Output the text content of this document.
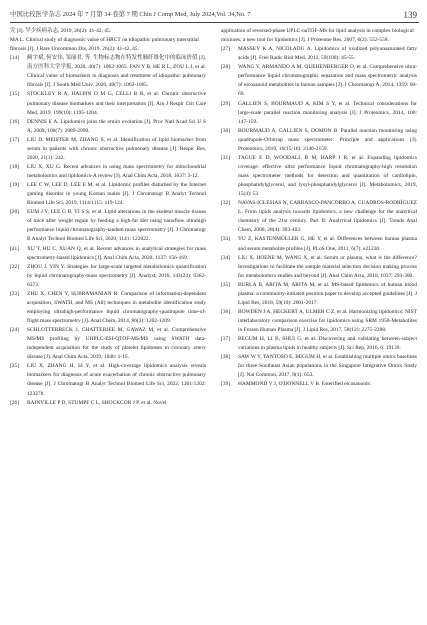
中国比较医学杂志 2024 年 7 月第 34 卷第 7 期 Chin J Comp Med, July 2024,Vol. 34,No. 7	139
究 [J]. 罕少疾病杂志, 2019, 26(2): 41-42, 45.
MA L. Clinical study of diagnostic value of HRCT on idiopathic pulmonary interstitial fibrosis [J]. J Rare Uncommon Dis, 2019, 26(2): 41-42, 45.
[14]	蔺宇斌, 何安伟, 邹丽君, 等. 生物标志物在特发性肺纤维化中的临床价值 [J]. 南方医科大学学报, 2020, 40(7): 1062-1065. FAN Y B, HE R L, ZOU L J, et al. Clinical value of biomarkers in diagnosis and treatment of idiopathic pulmonary fibrosis [J]. J South Med Univ, 2020, 40(7): 1062-1065.
[15]	STOCKLEY R A, HALPIN D M G, CELLI B R, et al. Chronic obstructive pulmonary disease biomarkers and their interpretation [J]. Am J Respir Crit Care Med, 2019, 199(10): 1195-1204.
[16]	DENNIS E A. Lipidomics joins the omics evolution [J]. Proc Natl Acad Sci U S A, 2009, 106(7): 2089-2090.
[17]	LIU D, MEISTER M, ZHANG S, et al. Identification of lipid biomarker from serum in patients with chronic obstructive pulmonary disease [J]. Respir Res, 2020, 21(1): 242.
[18]	LIU X, XU G. Recent advances in using mass spectrometry for mitochondrial metabolomics and lipidomics-A review [J]. Anal Chim Acta, 2018, 1037: 3-12.
[19]	LEE C W, LEE D, LEE E M, et al. Lipidomic profiles disturbed by the Internet gaming disorder in young Korean males [J]. J Chromatogr B Analyt Technol Biomed Life Sci, 2019, 1114/1115: 119-124.
[20]	EUM J Y, LEE G B, YI S S, et al. Lipid alterations in the skeletal muscle tissues of mice after weight regain by feeding a high-fat diet using nanoflow ultrahigh performance liquid chromatography-tandem mass spectrometry [J]. J Chromatogr B Analyt Technol Biomed Life Sci, 2020, 1141: 122022.
[21]	XU T, HU C, XUAN Q, et al. Recent advances in analytical strategies for mass spectrometry-based lipidomics [J]. Anal Chim Acta, 2020, 1137: 156-169.
[22]	ZHOU J, YIN Y. Strategies for large-scale targeted metabolomics quantification by liquid chromatography-mass spectrometry [J]. Analyst, 2016, 141(23): 6362-6373.
[23]	ZHU X, CHEN Y, SUBRAMANIAN R. Comparison of information-dependent acquisition, SWATH, and MS (All) techniques in metabolite identification study employing ultrahigh-performance liquid chromatography-quadrupole time-of-flight mass spectrometry [J]. Anal Chem, 2014, 86(2): 1202-1209.
[24]	SCHLOTTERBECK J, CHATTERJEE M, GAWAZ M, et al. Comprehensive MS/MS profiling by UHPLC-ESI-QTOF-MS/MS using SWATH data-independent acquisition for the study of platelet lipidomes in coronary artery disease [J]. Anal Chim Acta, 2019, 1046: 1-15.
[25]	LIU X, ZHANG H, SI Y, et al. High-coverage lipidomics analysis reveals biomarkers for diagnosis of acute exacerbation of chronic obstructive pulmonary disease [J]. J Chromatogr B Analyt Technol Biomed Life Sci, 2022, 1201/1202: 123278.
[26]	RAINVILLE P D, STUMPF C L, SHOCKCOR J P, et al. Novel
application of reversed-phase UPLC-oaTOF-MS for lipid analysis in complex biological mixtures; a new tool for lipidomics [J]. J Proteome Res, 2007, 6(2): 552-558.
[27]	MASSEY K A, NICOLAOU A. Lipidomics of oxidized polyunsaturated fatty acids [J]. Free Radic Biol Med, 2013, 59(100): 45-55.
[28]	WANG Y, ARMANDO A M, QUEHENBERGER O, et al. Comprehensive ultra-performance liquid chromatographic separation and mass spectrometric analysis of eicosanoid metabolites in human samples [J]. J Chromatogr A, 2014, 1359: 60-69.
[29]	GALLIEN S, BOURMAUD A, KIM S Y, et al. Technical considerations for large-scale parallel reaction monitoring analysis [J]. J Proteomics, 2014, 100: 147-159.
[30]	BOURMAUD A, GALLIEN S, DOMON B. Parallel reaction monitoring using quadrupole-Orbitrap mass spectrometer: Principle and applications [J]. Proteomics, 2016, 16(15/16): 2146-2159.
[31]	TAGUE E D, WOODALL B M, HARP J R, et al. Expanding lipidomics coverage: effective ultra performance liquid chromatography-high resolution mass spectrometer methods for detection and quantitation of cardiolipin, phosphatidylglycerol, and lysyl-phosphatidylglycerol [J]. Metabolomics, 2019, 15(4): 53.
[32]	NAVAS-IGLESIAS N, CARRASCO-PANCORBO A, CUADROS-RODRÍGUEZ L. From lipids analysis towards lipidomics, a new challenge for the analytical chemistry of the 21st century. Part II: Analytical lipidomics [J]. Trends Anal Chem, 2008, 28(4): 393-403.
[33]	YU Z, KASTENMÜLLER G, HE Y, et al. Differences between human plasma and serum metabolite profiles [J]. PLoS One, 2011, 6(7): e21230.
[34]	LIU X, HOENE M, WANG X, et al. Serum or plasma, what is the difference? Investigations to facilitate the sample material selection decision making process for metabolomics studies and beyond [J]. Anal Chim Acta, 2018, 1037: 293-300.
[35]	BURLA B, ARITA M, ARITA M, et al. MS-based lipidomics of human blood plasma: a community-initiated position paper to develop accepted guidelines [J]. J Lipid Res, 2018, 59(10): 2001-2017.
[36]	BOWDEN J A, HECKERT A, ULMER C Z, et al. Harmonizing lipidomics: NIST interlaboratory comparison exercise for lipidomics using SRM 1950-Metabolites in Frozen Human Plasma [J]. J Lipid Res, 2017, 58(12): 2275-2288.
[37]	BEGUM H, LI B, SHUI G, et al. Discovering and validating between-subject variations in plasma lipids in healthy subjects [J]. Sci Rep, 2016, 6: 19139.
[38]	SAW W Y, TANTOSO E, BEGUM H, et al. Establishing multiple omics baselines for three Southeast Asian populations in the Singapore Integrative Omics Study [J]. Nat Commun, 2017, 8(1): 653.
[39]	HAMMOND V J, O'DONNELL V B. Esterified eicosanoids:
